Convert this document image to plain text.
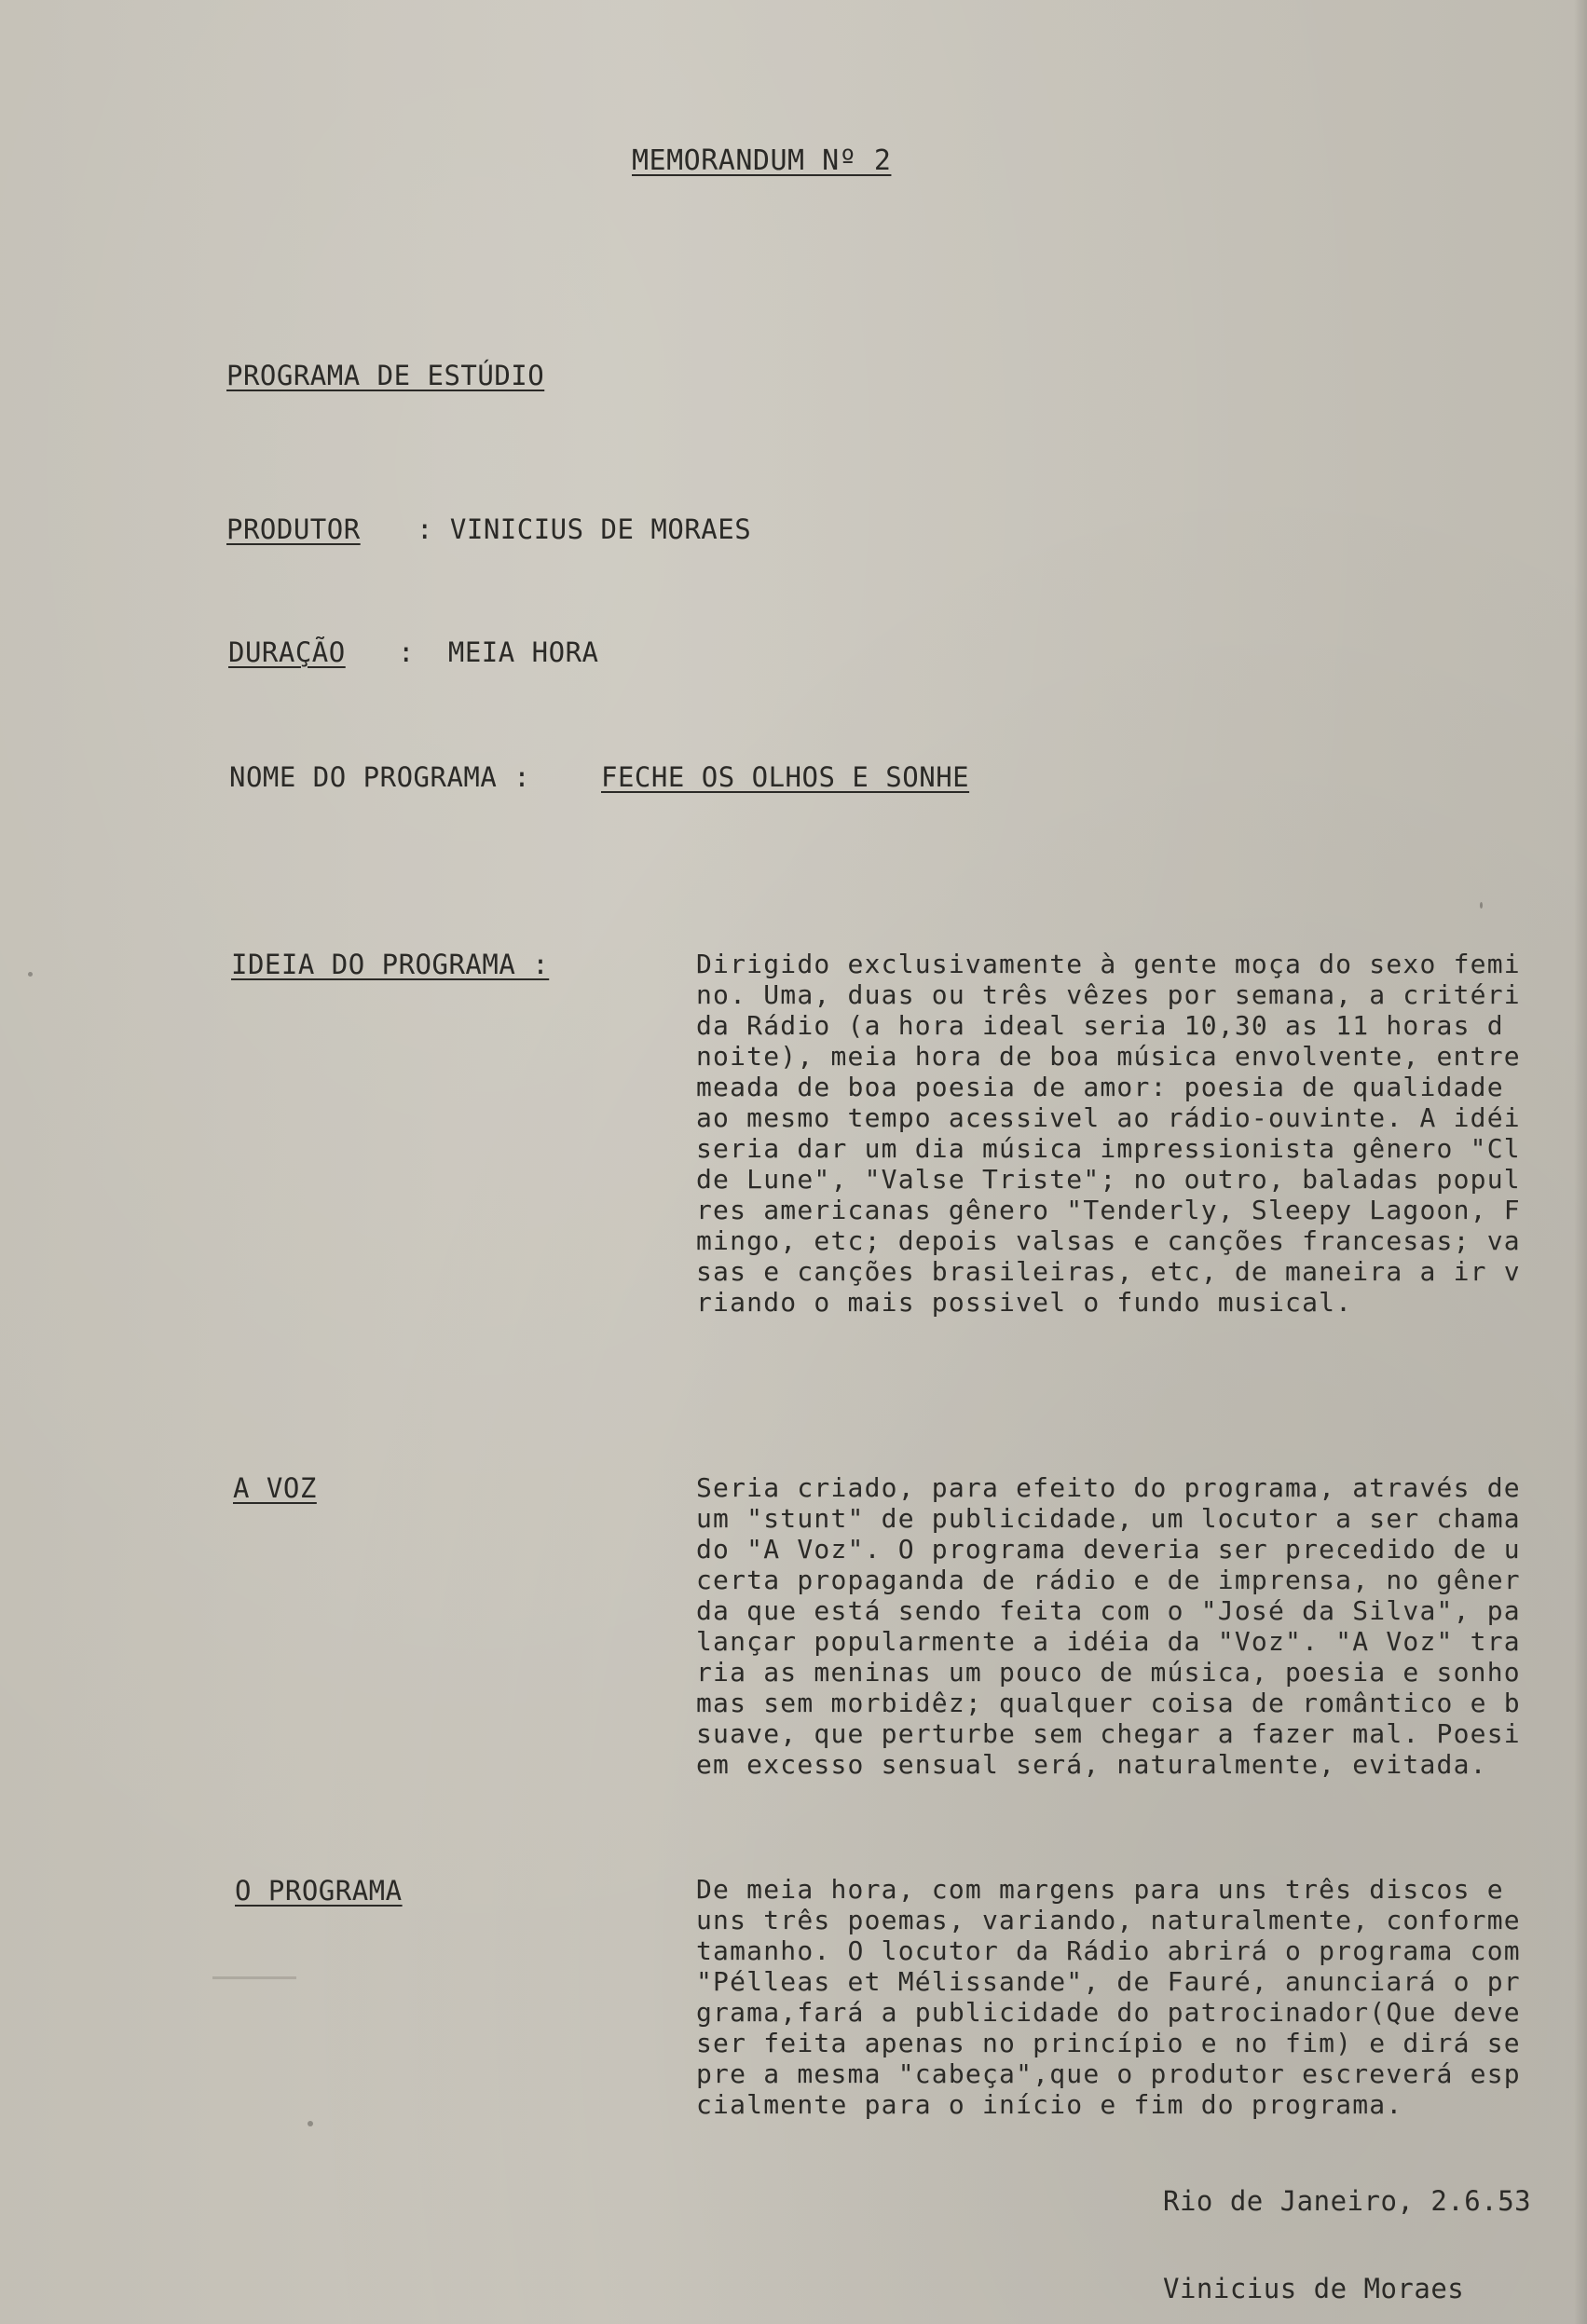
MEMORANDUM Nº 2
PROGRAMA DE ESTÚDIO
PRODUTOR : VINICIUS DE MORAES
DURAÇÃO :  MEIA HORA
NOME DO PROGRAMA :	FECHE OS OLHOS E SONHE
IDEIA DO PROGRAMA :	Dirigido exclusivamente à gente moça do sexo femi
no. Uma, duas ou três vêzes por semana, a critéri
da Rádio (a hora ideal seria 10,30 as 11 horas d
noite), meia hora de boa música envolvente, entre
meada de boa poesia de amor: poesia de qualidade
ao mesmo tempo acessivel ao rádio-ouvinte. A idéi
seria dar um dia música impressionista gênero "Cl
de Lune", "Valse Triste"; no outro, baladas popul
res americanas gênero "Tenderly, Sleepy Lagoon, F
mingo, etc; depois valsas e canções francesas; va
sas e canções brasileiras, etc, de maneira a ir v
riando o mais possivel o fundo musical.
A VOZ	Seria criado, para efeito do programa, através de
um "stunt" de publicidade, um locutor a ser chama
do "A Voz". O programa deveria ser precedido de u
certa propaganda de rádio e de imprensa, no gêner
da que está sendo feita com o "José da Silva", pa
lançar popularmente a idéia da "Voz". "A Voz" tra
ria as meninas um pouco de música, poesia e sonho
mas sem morbidêz; qualquer coisa de romântico e b
suave, que perturbe sem chegar a fazer mal. Poesi
em excesso sensual será, naturalmente, evitada.
O PROGRAMA	De meia hora, com margens para uns três discos e
uns três poemas, variando, naturalmente, conforme
tamanho. O locutor da Rádio abrirá o programa com
"Pélleas et Mélissande", de Fauré, anunciará o pr
grama,fará a publicidade do patrocinador(Que deve
ser feita apenas no princípio e no fim) e dirá se
pre a mesma "cabeça",que o produtor escreverá esp
cialmente para o início e fim do programa.
Rio de Janeiro, 2.6.53
Vinicius de Moraes
